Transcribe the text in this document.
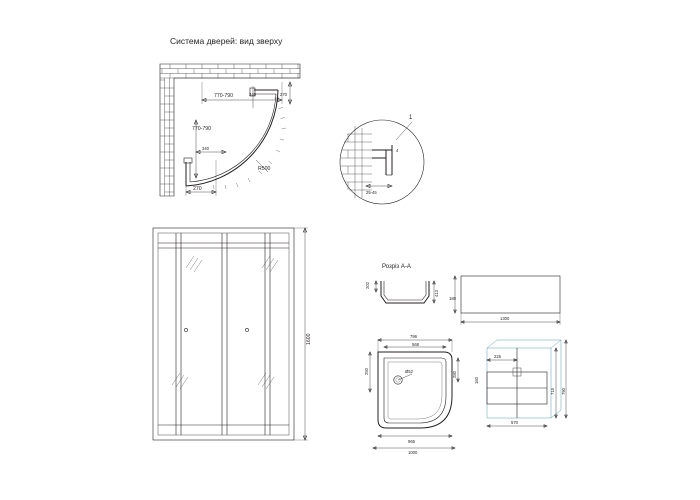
Система дверей: вид зверху
R500
770-790	340	270
770-790
340
270
1
4
25-45
1600
Розріз А-А
202
413
180
1300
Ø52
796
568
250	280
965
1000
225
715 790
570
160
